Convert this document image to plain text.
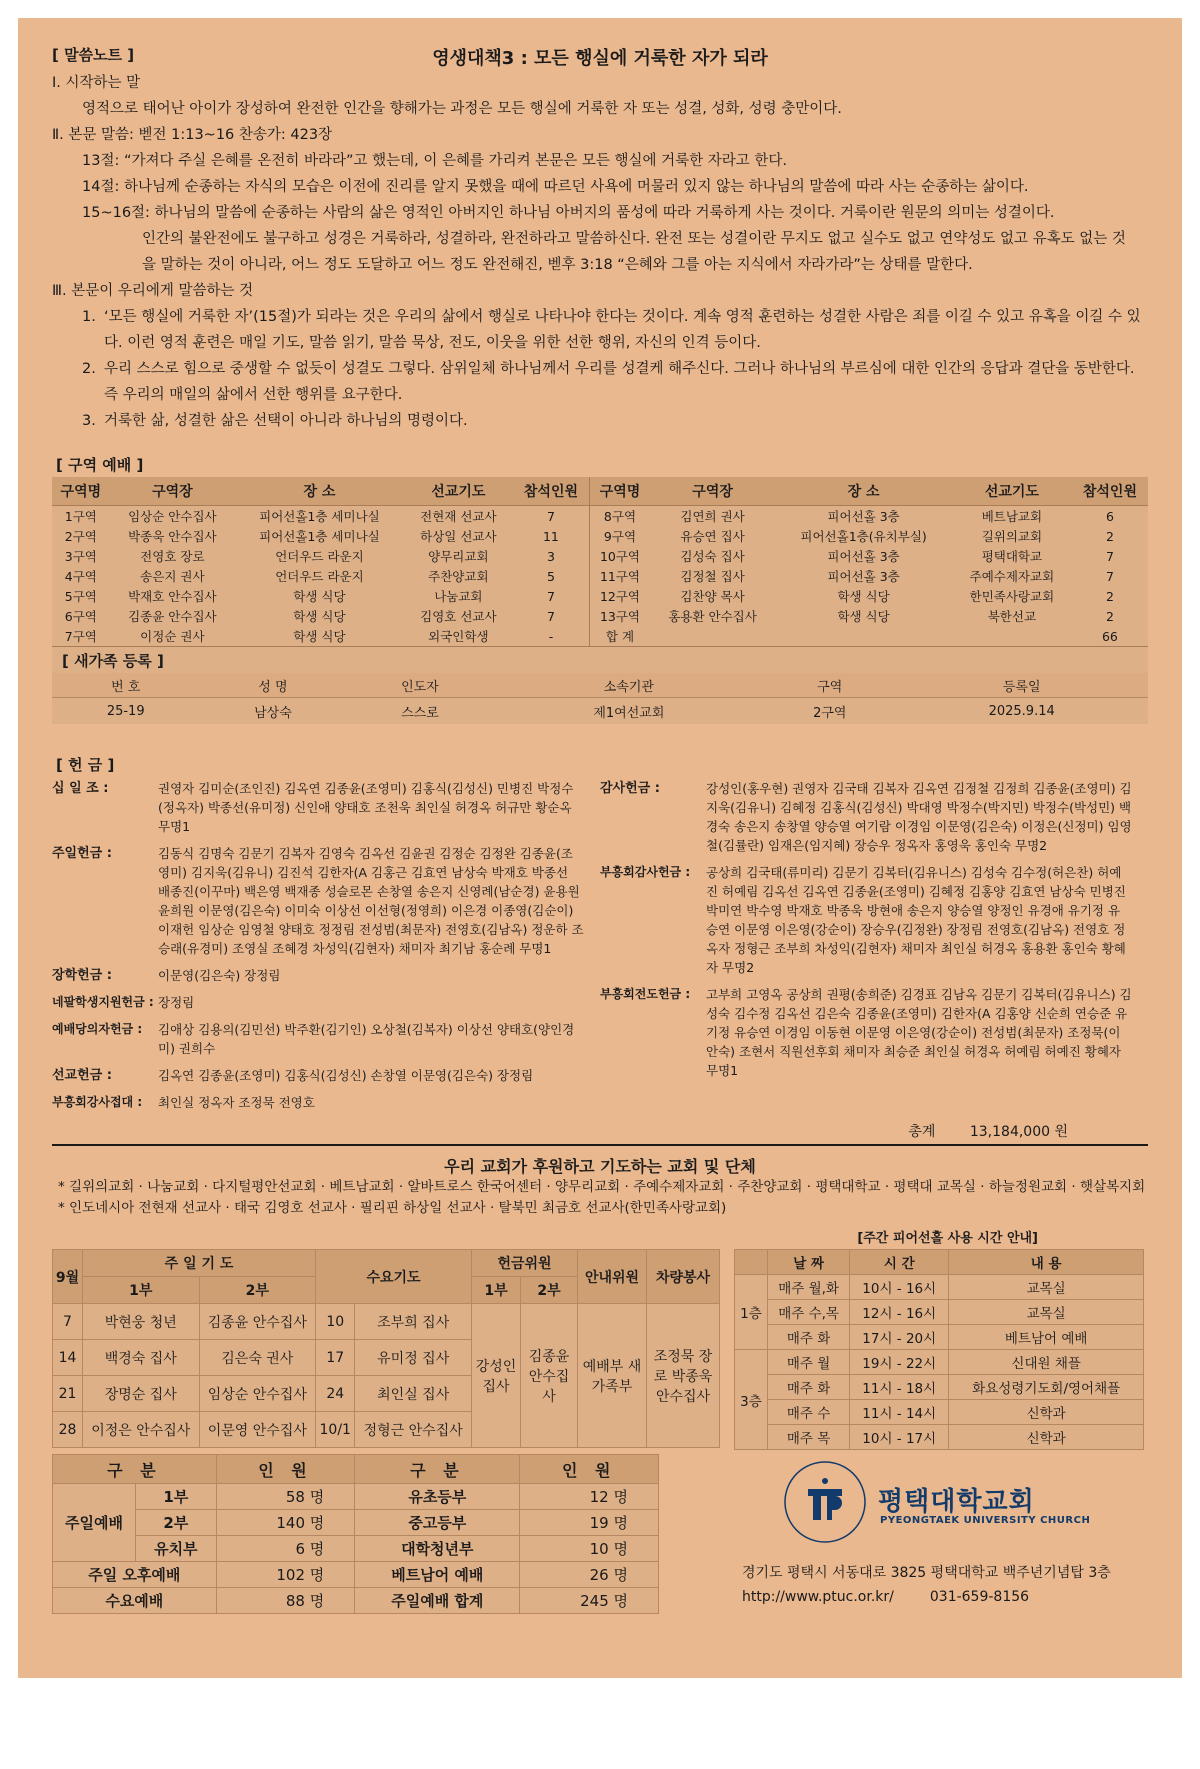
[ 말씀노트 ]	영생대책3 : 모든 행실에 거룩한 자가 되라
Ⅰ. 시작하는 말
영적으로 태어난 아이가 장성하여 완전한 인간을 향해가는 과정은 모든 행실에 거룩한 자 또는 성결, 성화, 성령 충만이다.
Ⅱ. 본문 말씀: 벧전 1:13~16 찬송가: 423장
13절: “가져다 주실 은혜를 온전히 바라라”고 했는데, 이 은혜를 가리켜 본문은 모든 행실에 거룩한 자라고 한다.
14절: 하나님께 순종하는 자식의 모습은 이전에 진리를 알지 못했을 때에 따르던 사욕에 머물러 있지 않는 하나님의 말씀에 따라 사는 순종하는 삶이다.
15~16절: 하나님의 말씀에 순종하는 사람의 삶은 영적인 아버지인 하나님 아버지의 품성에 따라 거룩하게 사는 것이다. 거룩이란 원문의 의미는 성결이다.
인간의 불완전에도 불구하고 성경은 거룩하라, 성결하라, 완전하라고 말씀하신다. 완전 또는 성결이란 무지도 없고 실수도 없고 연약성도 없고 유혹도 없는 것을 말하는 것이 아니라, 어느 정도 도달하고 어느 정도 완전해진, 벧후 3:18 “은혜와 그를 아는 지식에서 자라가라”는 상태를 말한다.
Ⅲ. 본문이 우리에게 말씀하는 것
1. ‘모든 행실에 거룩한 자’(15절)가 되라는 것은 우리의 삶에서 행실로 나타나야 한다는 것이다. 계속 영적 훈련하는 성결한 사람은 죄를 이길 수 있고 유혹을 이길 수 있다. 이런 영적 훈련은 매일 기도, 말씀 읽기, 말씀 묵상, 전도, 이웃을 위한 선한 행위, 자신의 인격 등이다.
2. 우리 스스로 힘으로 중생할 수 없듯이 성결도 그렇다. 삼위일체 하나님께서 우리를 성결케 해주신다. 그러나 하나님의 부르심에 대한 인간의 응답과 결단을 동반한다. 즉 우리의 매일의 삶에서 선한 행위를 요구한다.
3. 거룩한 삶, 성결한 삶은 선택이 아니라 하나님의 명령이다.
[ 구역 예배 ]
구역명	구역장	장 소	선교기도	참석인원	구역명	구역장	장 소	선교기도	참석인원
1구역	임상순 안수집사	피어선홀1층 세미나실	전현재 선교사	7	8구역	김연희 권사	피어선홀 3층	베트남교회	6
2구역	박종욱 안수집사	피어선홀1층 세미나실	하상일 선교사	11	9구역	유승연 집사	피어선홀1층(유치부실)	길위의교회	2
3구역	전영호 장로	언더우드 라운지	양무리교회	3	10구역	김성숙 집사	피어선홀 3층	평택대학교	7
4구역	송은지 권사	언더우드 라운지	주찬양교회	5	11구역	김정철 집사	피어선홀 3층	주예수제자교회	7
5구역	박재호 안수집사	학생 식당	나눔교회	7	12구역	김찬양 목사	학생 식당	한민족사랑교회	2
6구역	김종윤 안수집사	학생 식당	김영호 선교사	7	13구역	홍용환 안수집사	학생 식당	북한선교	2
7구역	이정순 권사	학생 식당	외국인학생	-	합 계				66
[ 새가족 등록 ]					
번 호	성 명	인도자	소속기관	구역	등록일
25-19	남상숙	스스로	제1여선교회	2구역	2025.9.14
[ 헌 금 ]
십 일 조 :	권영자 김미순(조인진) 김옥연 김종윤(조영미) 김홍식(김성신) 민병진 박정수(정옥자) 박종선(유미정) 신인애 양태호 조천욱 최인실 허경옥 허규만 황순옥 무명1
주일헌금 :	김동식 김명숙 김문기 김복자 김영숙 김옥선 김윤권 김정순 김정완 김종윤(조영미) 김지욱(김유니) 김진석 김한자(A 김홍근 김효연 남상숙 박재호 박종선 배종진(이꾸마) 백은영 백재종 성슬로몬 손창열 송은지 신영례(남순경) 윤용원 윤희원 이문영(김은숙) 이미숙 이상선 이선형(정영희) 이은경 이종영(김순이) 이재헌 임상순 임영철 양태호 정정림 전성범(최문자) 전영호(김남옥) 정운하 조승래(유경미) 조영실 조혜경 차성익(김현자) 채미자 최기남 홍순례 무명1
장학헌금 :	이문영(김은숙) 장정림
네팔학생지원헌금 : 장정림
예배당의자헌금 :	김애상 김용의(김민선) 박주환(김기인) 오상철(김복자) 이상선 양태호(양인경미) 권희수
선교헌금 :	김옥연 김종윤(조영미) 김홍식(김성신) 손창열 이문영(김은숙) 장정림
부흥회강사접대 :	최인실 정옥자 조정묵 전영호
감사헌금 :	강성인(홍우현) 권영자 김국태 김복자 김옥연 김정철 김정희 김종윤(조영미) 김지욱(김유니) 김혜정 김홍식(김성신) 박대영 박정수(박지민) 박정수(박성민) 백경숙 송은지 송창열 양승열 여기람 이경임 이문영(김은숙) 이정은(신정미) 임영철(김률란) 임재은(임지혜) 장승우 정옥자 홍영욱 홍인숙 무명2
부흥회감사헌금 :	공상희 김국태(류미리) 김문기 김복터(김유니스) 김성숙 김수정(허은찬) 허예진 허예림 김옥선 김옥연 김종윤(조영미) 김혜정 김홍양 김효연 남상숙 민병진 박미연 박수영 박재호 박종욱 방현애 송은지 양승열 양정인 유경애 유기정 유승연 이문영 이은영(강순이) 장승우(김정완) 장정림 전영호(김남옥) 전영호 정옥자 정형근 조부희 차성익(김현자) 채미자 최인실 허경옥 홍용환 홍인숙 황혜자 무명2
부흥회전도헌금 :	고부희 고영옥 공상희 권평(송희준) 김경표 김남옥 김문기 김복터(김유니스) 김성숙 김수정 김옥선 김은숙 김종윤(조영미) 김한자(A 김홍양 신순희 연승준 유기정 유승연 이경임 이동현 이문영 이은영(강순이) 전성범(최문자) 조정묵(이안숙) 조현서 직원선후회 채미자 최승준 최인실 허경옥 허예림 허예진 황혜자 무명1
총계 13,184,000 원
우리 교회가 후원하고 기도하는 교회 및 단체
* 길위의교회 · 나눔교회 · 다지털평안선교회 · 베트남교회 · 알바트로스 한국어센터 · 양무리교회 · 주예수제자교회 · 주찬양교회 · 평택대학교 · 평택대 교목실 · 하늘정원교회 · 햇살복지회
* 인도네시아 전현재 선교사 · 태국 김영호 선교사 · 필리핀 하상일 선교사 · 탈북민 최금호 선교사(한민족사랑교회)
[주간 피어선홀 사용 시간 안내]
9월	주 일 기 도		수요기도		헌금위원		안내위원	차량봉사
	1부	2부			1부	2부		
7	박현웅 청년	김종윤 안수집사	10	조부희 집사	강성인 집사	김종윤 안수집사	예배부 새가족부	조정묵 장로 박종욱 안수집사
14	백경숙 집사	김은숙 권사	17	유미정 집사				
21	장명순 집사	임상순 안수집사	24	최인실 집사				
28	이정은 안수집사	이문영 안수집사	10/1	정형근 안수집사				
	날 짜	시 간	내 용
1층	매주 월,화	10시 - 16시	교목실
	매주 수,목	12시 - 16시	교목실
	매주 화	17시 - 20시	베트남어 예배
3층	매주 월	19시 - 22시	신대원 채플
	매주 화	11시 - 18시	화요성령기도회/영어채플
	매주 수	11시 - 14시	신학과
	매주 목	10시 - 17시	신학과
구 분		인 원	구 분	인 원
주일예배	1부	58 명	유초등부	12 명
	2부	140 명	중고등부	19 명
	유치부	6 명	대학청년부	10 명
주일 오후예배		102 명	베트남어 예배	26 명
수요예배		88 명	주일예배 합계	245 명
평택대학교회
PYEONGTAEK UNIVERSITY CHURCH
경기도 평택시 서동대로 3825 평택대학교 백주년기념탑 3층
http://www.ptuc.or.kr/	031-659-8156
